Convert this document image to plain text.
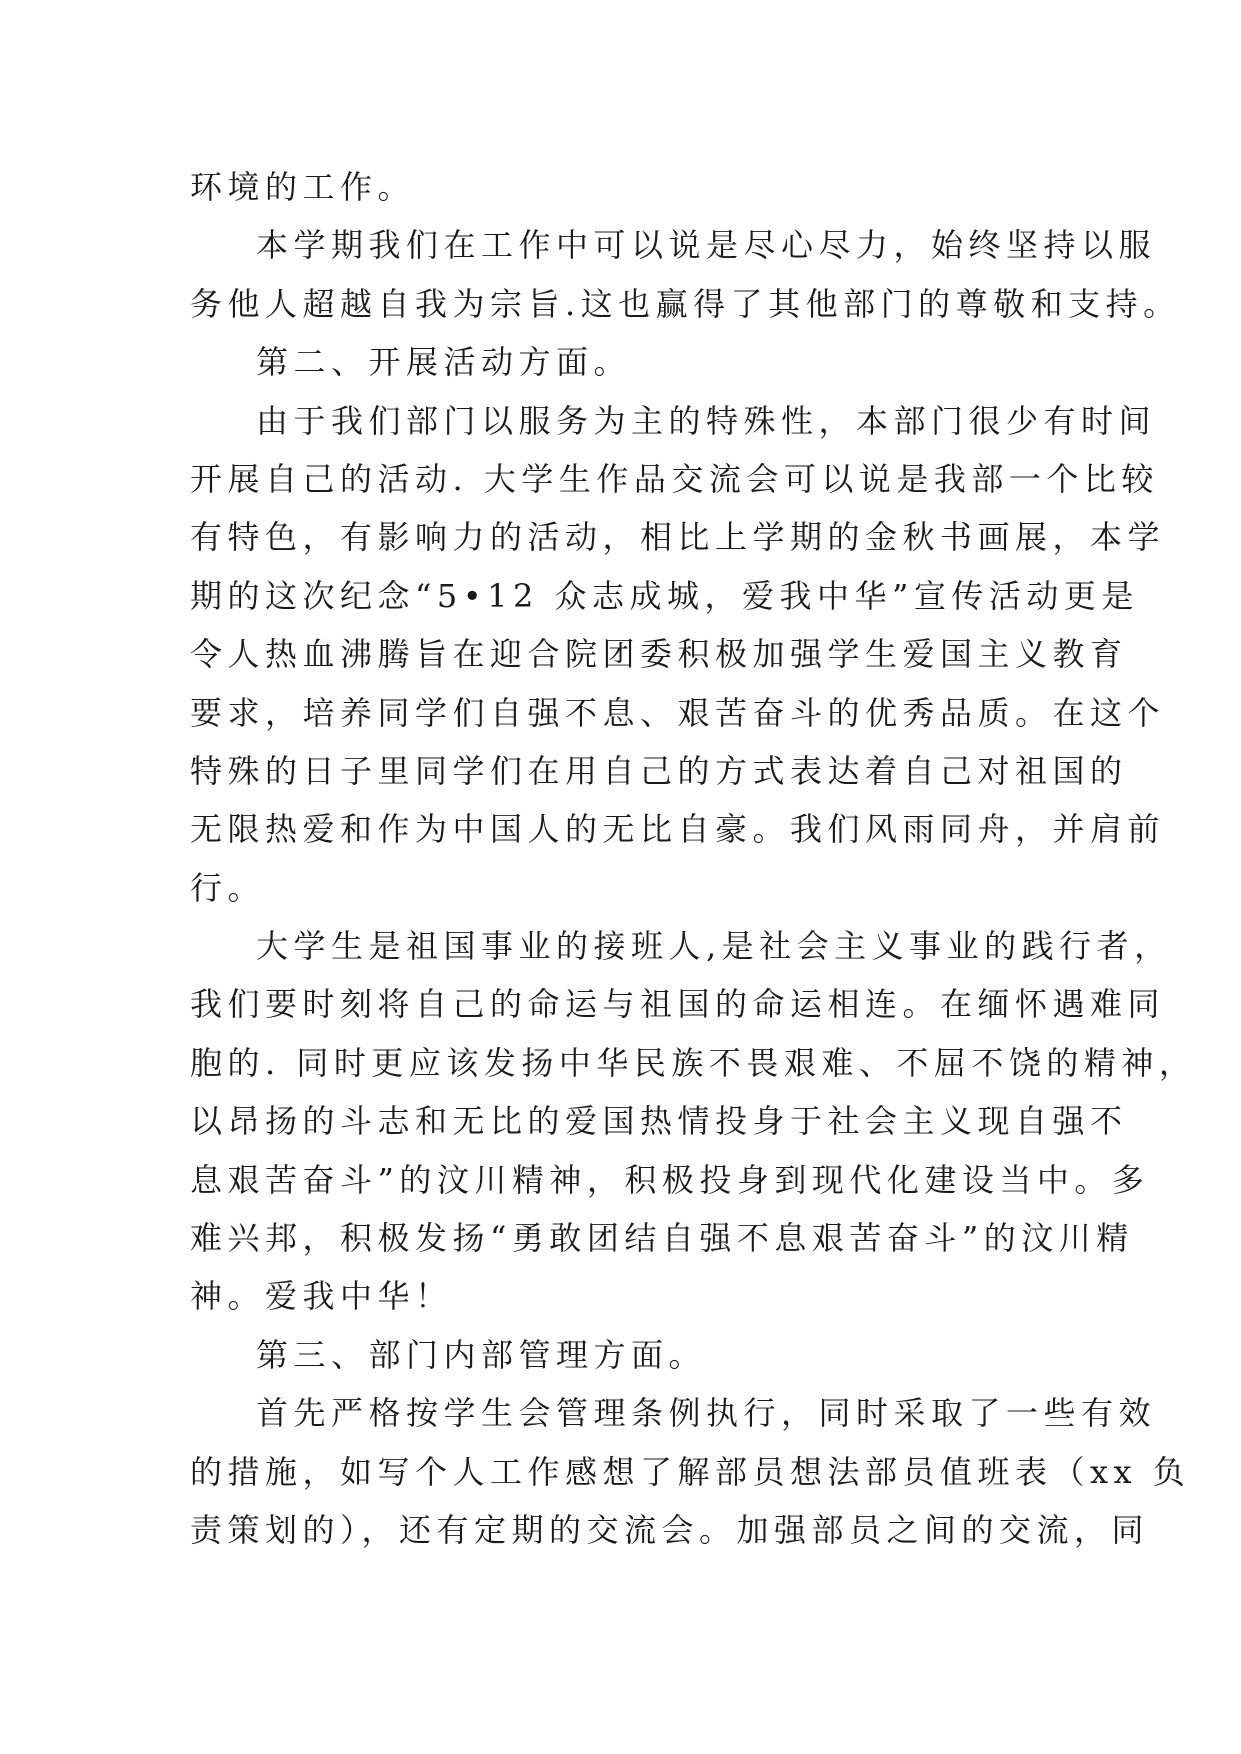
环境的工作。
本学期我们在工作中可以说是尽心尽力，始终坚持以服
务他人超越自我为宗旨.这也赢得了其他部门的尊敬和支持。
第二、开展活动方面。
由于我们部门以服务为主的特殊性，本部门很少有时间
开展自己的活动. 大学生作品交流会可以说是我部一个比较
有特色，有影响力的活动，相比上学期的金秋书画展，本学
期的这次纪念“5•12 众志成城，爱我中华”宣传活动更是
令人热血沸腾旨在迎合院团委积极加强学生爱国主义教育
要求，培养同学们自强不息、艰苦奋斗的优秀品质。在这个
特殊的日子里同学们在用自己的方式表达着自己对祖国的
无限热爱和作为中国人的无比自豪。我们风雨同舟，并肩前
行。
大学生是祖国事业的接班人,是社会主义事业的践行者，
我们要时刻将自己的命运与祖国的命运相连。在缅怀遇难同
胞的. 同时更应该发扬中华民族不畏艰难、不屈不饶的精神，
以昂扬的斗志和无比的爱国热情投身于社会主义现自强不
息艰苦奋斗”的汶川精神，积极投身到现代化建设当中。多
难兴邦，积极发扬“勇敢团结自强不息艰苦奋斗”的汶川精
神。爱我中华！
第三、部门内部管理方面。
首先严格按学生会管理条例执行，同时采取了一些有效
的措施，如写个人工作感想了解部员想法部员值班表（xx 负
责策划的），还有定期的交流会。加强部员之间的交流，同
